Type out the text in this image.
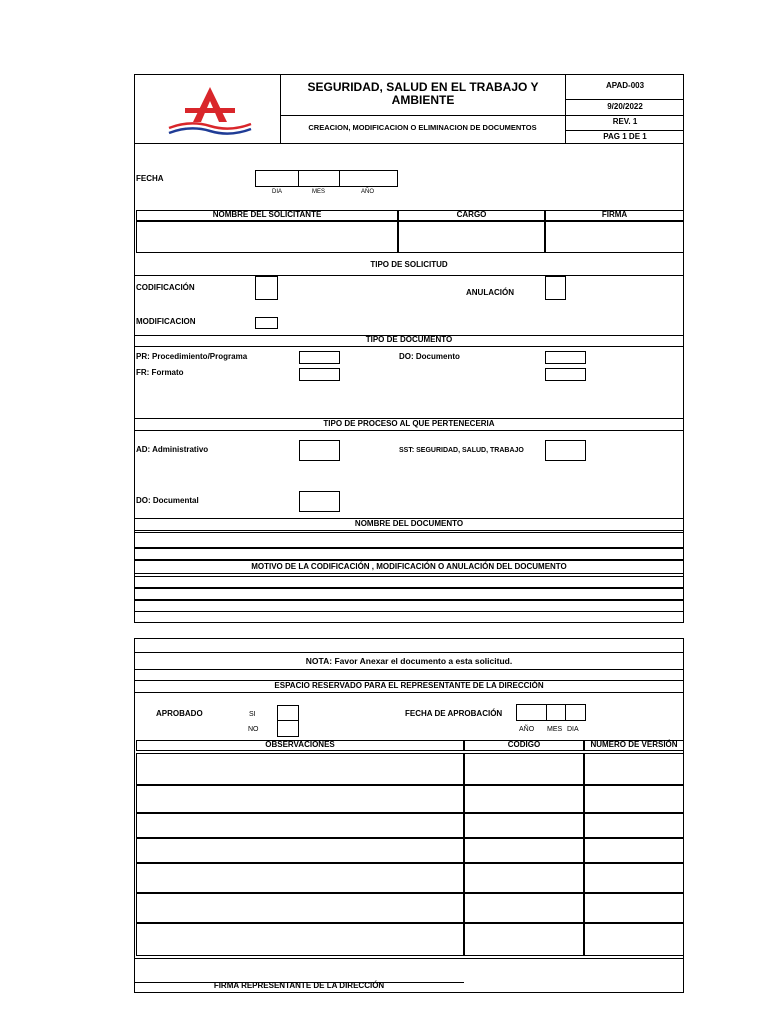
SEGURIDAD, SALUD EN EL TRABAJO Y AMBIENTE
CREACION, MODIFICACION O ELIMINACION DE DOCUMENTOS
APAD-003
9/20/2022
REV. 1
PAG 1 DE 1
FECHA
DIA	MES	AÑO
NOMBRE DEL SOLICITANTE	CARGO	FIRMA
TIPO DE SOLICITUD
CODIFICACIÓN
ANULACIÓN
MODIFICACION
TIPO DE DOCUMENTO
PR: Procedimiento/Programa	DO: Documento
FR: Formato
TIPO DE PROCESO AL QUE PERTENECERIA
AD: Administrativo	SST: SEGURIDAD, SALUD, TRABAJO
DO: Documental
NOMBRE DEL DOCUMENTO
MOTIVO DE LA CODIFICACIÓN , MODIFICACIÓN O ANULACIÓN DEL DOCUMENTO
NOTA: Favor Anexar el documento a esta solicitud.
ESPACIO RESERVADO PARA EL REPRESENTANTE DE LA DIRECCIÓN
APROBADO	SI
NO
FECHA DE APROBACIÓN
AÑO MES DIA
OBSERVACIONES	CODIGO	NUMERO DE VERSIÓN
FIRMA REPRESENTANTE DE LA DIRECCIÓN
